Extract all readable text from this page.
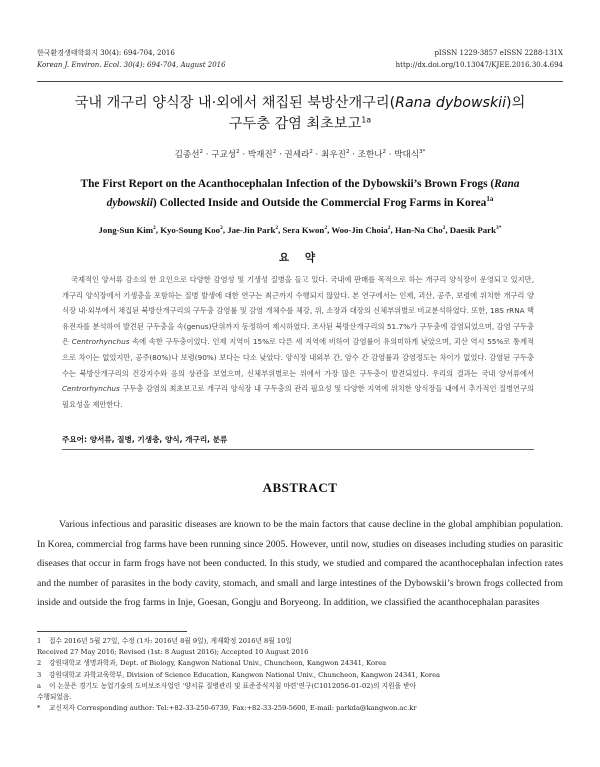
한국환경생태학회지 30(4): 694-704, 2016
Korean J. Environ. Ecol. 30(4): 694-704, August 2016
pISSN 1229-3857 eISSN 2288-131X
http://dx.doi.org/10.13047/KJEE.2016.30.4.694
국내 개구리 양식장 내·외에서 채집된 북방산개구리(Rana dybowskii)의
구두충 감염 최초보고$^{1a}$
김종선$^2$ · 구교성$^2$ · 박재진$^2$ · 권세라$^2$ · 최우진$^2$ · 조한나$^2$ · 박대식$^{3*}$
The First Report on the Acanthocephalan Infection of the Dybowskii’s Brown Frogs (Rana
dybowskii) Collected Inside and Outside the Commercial Frog Farms in Korea$^{1a}$
Jong-Sun Kim$^2$, Kyo-Soung Koo$^2$, Jae-Jin Park$^2$, Sera Kwon$^2$, Woo-Jin Choia$^2$, Han-Na Cho$^2$, Daesik Park$^{3*}$
요 약

국제적인 양서류 감소의 한 요인으로 다양한 감염성 및 기생성 질병을 들고 있다. 국내에 판매를 목적으로 하는 개구리 양식장이 운영되고 있지만, 개구리 양식장에서 기생충을 포함하는 질병 발생에 대한 연구는 최근까지 수행되지 않았다. 본 연구에서는 인제, 괴산, 공주, 보령에 위치한 개구리 양식장 내·외부에서 채집된 북방산개구리의 구두충 감염률 및 감염 개체수를 체강, 위, 소장과 대장의 신체부위별로 비교분석하였다. 또한, 18S rRNA 핵 유전자를 분석하여 발견된 구두충을 속(genus)단위까지 동정하여 제시하였다. 조사된 북방산개구리의 51.7%가 구두충에 감염되었으며, 감염 구두충은 Centrorhynchus 속에 속한 구두충이었다. 인제 지역이 15%로 다른 세 지역에 비하여 감염률이 유의미하게 낮았으며, 괴산 역시 55%로 통계적으로 차이는 없었지만, 공주(80%)나 보령(90%) 보다는 다소 낮았다. 양식장 내외부 간, 암수 간 감염률과 감염정도는 차이가 없었다. 감염된 구두충 수는 북방산개구리의 건강지수와 음의 상관을 보였으며, 신체부위별로는 위에서 가장 많은 구두충이 발견되었다. 우리의 결과는 국내 양서류에서 Centrorhynchus 구두충 감염의 최초보고로 개구리 양식장 내 구두충의 관리 필요성 및 다양한 지역에 위치한 양식장들 내에서 추가적인 질병연구의 필요성을 제안한다.

주요어: 양서류, 질병, 기생충, 양식, 개구리, 분류
ABSTRACT

Various infectious and parasitic diseases are known to be the main factors that cause decline in the global amphibian population. In Korea, commercial frog farms have been running since 2005. However, until now, studies on diseases including studies on parasitic diseases that occur in farm frogs have not been conducted. In this study, we studied and compared the acanthocephalan infection rates and the number of parasites in the body cavity, stomach, and small and large intestines of the Dybowskii’s brown frogs collected from inside and outside the frog farms in Inje, Goesan, Gongju and Boryeong. In addition, we classified the acanthocephalan parasites

1	접수 2016년 5월 27일, 수정 (1차: 2016년 8월 9일), 게재확정 2016년 8월 10일
Received 27 May 2016; Revised (1st: 8 August 2016); Accepted 10 August 2016
2	강원대학교 생명과학과, Dept. of Biology, Kangwon National Univ., Chuncheon, Kangwon 24341, Korea
3	강원대학교 과학교육학부, Division of Science Education, Kangwon National Univ., Chuncheon, Kangwon 24341, Korea
a	이 논문은 경기도 농업기술의 도비보조사업인 ‘양서류 질병관리 및 표준증식지침 마련’연구(C1012056-01-02)의 지원을 받아
수행되었음.
*	교신저자 Corresponding author: Tel:+82-33-250-6739, Fax:+82-33-259-5600, E-mail: parkda@kangwon.ac.kr
